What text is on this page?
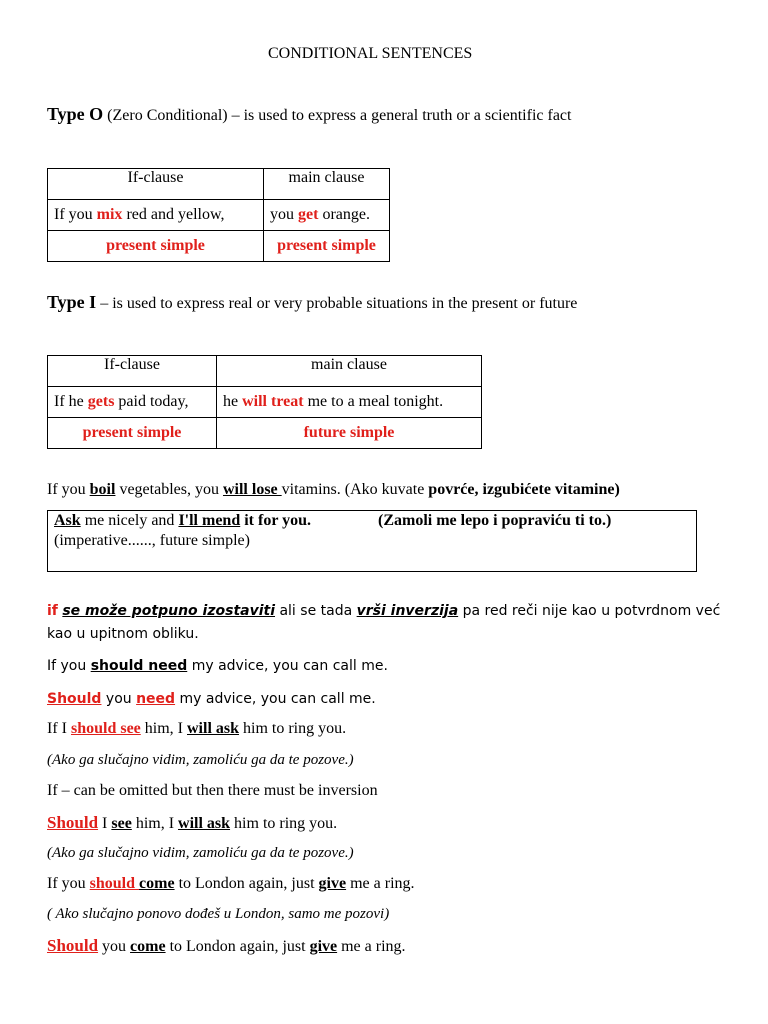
CONDITIONAL SENTENCES
Type O (Zero Conditional) – is used to express a general truth or a scientific fact
If-clause	main clause
If you mix red and yellow,	you get orange.
present simple	present simple
Type I – is used to express real or very probable situations in the present or future
If-clause	main clause
If he gets paid today,	he will treat me to a meal tonight.
present simple	future simple
If you boil vegetables, you will lose vitamins. (Ako kuvate povrće, izgubićete vitamine)
Ask me nicely and I'll mend it for you.	(Zamoli me lepo i popraviću ti to.)
(imperative......, future simple)
if se može potpuno izostaviti ali se tada vrši inverzija pa red reči nije kao u potvrdnom već
kao u upitnom obliku.
If you should need my advice, you can call me.
Should you need my advice, you can call me.
If I should see him, I will ask him to ring you.
(Ako ga slučajno vidim, zamoliću ga da te pozove.)
If – can be omitted but then there must be inversion
Should I see him, I will ask him to ring you.
(Ako ga slučajno vidim, zamoliću ga da te pozove.)
If you should come to London again, just give me a ring.
( Ako slučajno ponovo dođeš u London, samo me pozovi)
Should you come to London again, just give me a ring.
